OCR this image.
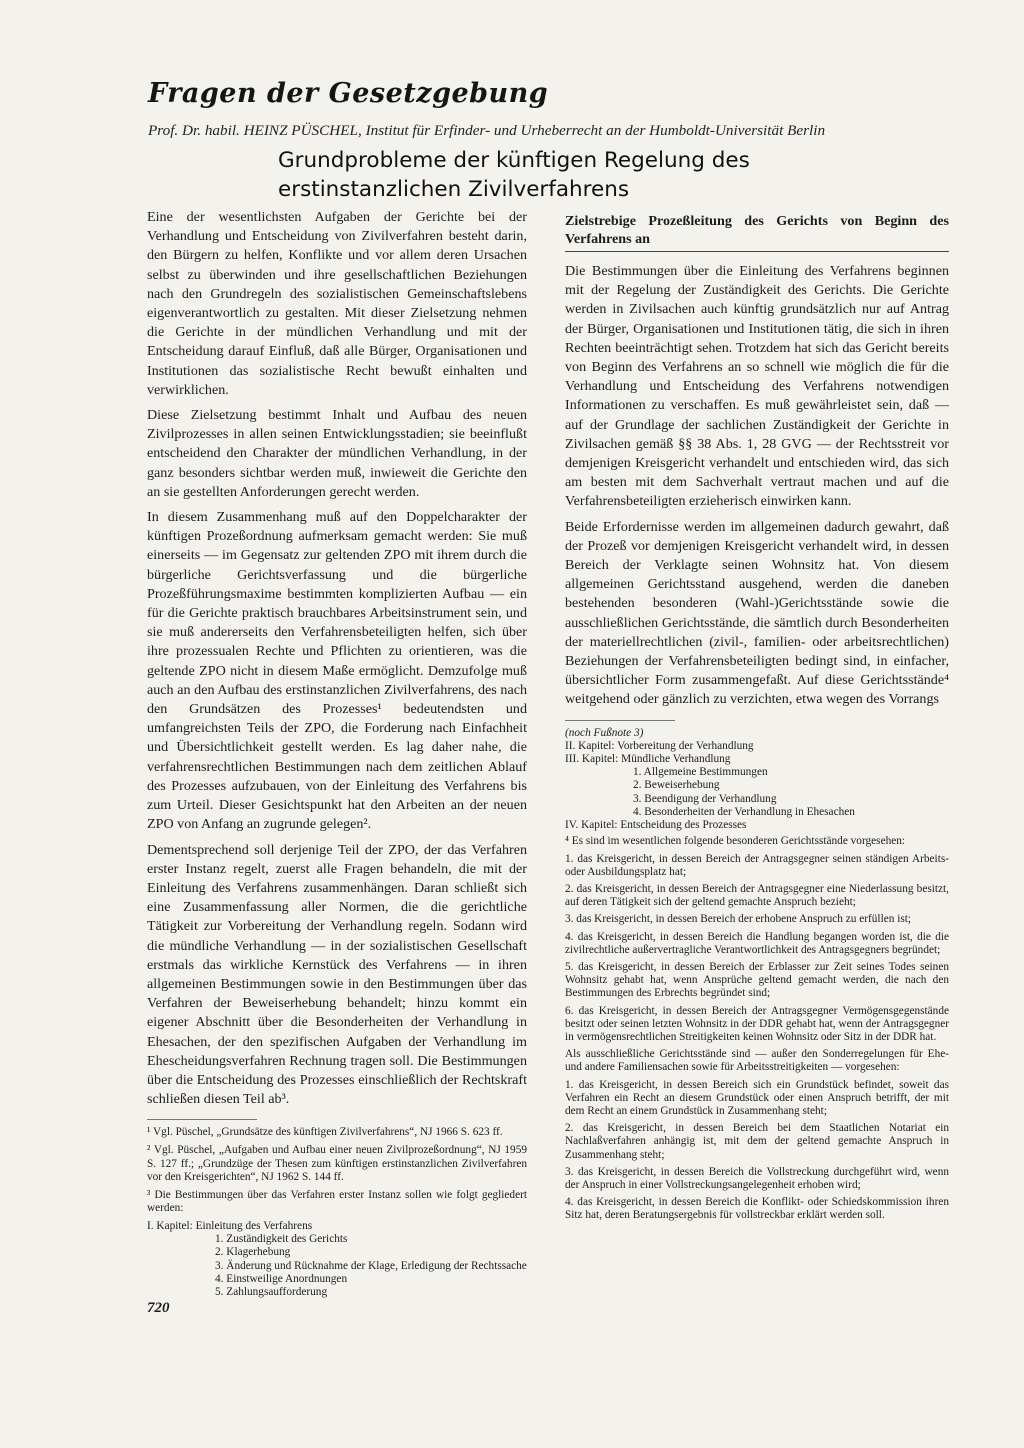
Fragen der Gesetzgebung
Prof. Dr. habil. HEINZ PÜSCHEL, Institut für Erfinder- und Urheberrecht an der Humboldt-Universität Berlin
Grundprobleme der künftigen Regelung des
erstinstanzlichen Zivilverfahrens

Eine der wesentlichsten Aufgaben der Gerichte bei der Verhandlung und Entscheidung von Zivilverfahren besteht darin, den Bürgern zu helfen, Konflikte und vor allem deren Ursachen selbst zu überwinden und ihre gesellschaftlichen Beziehungen nach den Grundregeln des sozialistischen Gemeinschaftslebens eigenverantwortlich zu gestalten. Mit dieser Zielsetzung nehmen die Gerichte in der mündlichen Verhandlung und mit der Entscheidung darauf Einfluß, daß alle Bürger, Organisationen und Institutionen das sozialistische Recht bewußt einhalten und verwirklichen.

Diese Zielsetzung bestimmt Inhalt und Aufbau des neuen Zivilprozesses in allen seinen Entwicklungsstadien; sie beeinflußt entscheidend den Charakter der mündlichen Verhandlung, in der ganz besonders sichtbar werden muß, inwieweit die Gerichte den an sie gestellten Anforderungen gerecht werden.

In diesem Zusammenhang muß auf den Doppelcharakter der künftigen Prozeßordnung aufmerksam gemacht werden: Sie muß einerseits — im Gegensatz zur geltenden ZPO mit ihrem durch die bürgerliche Gerichtsverfassung und die bürgerliche Prozeßführungsmaxime bestimmten komplizierten Aufbau — ein für die Gerichte praktisch brauchbares Arbeitsinstrument sein, und sie muß andererseits den Verfahrensbeteiligten helfen, sich über ihre prozessualen Rechte und Pflichten zu orientieren, was die geltende ZPO nicht in diesem Maße ermöglicht. Demzufolge muß auch an den Aufbau des erstinstanzlichen Zivilverfahrens, des nach den Grundsätzen des Prozesses¹ bedeutendsten und umfangreichsten Teils der ZPO, die Forderung nach Einfachheit und Übersichtlichkeit gestellt werden. Es lag daher nahe, die verfahrensrechtlichen Bestimmungen nach dem zeitlichen Ablauf des Prozesses aufzubauen, von der Einleitung des Verfahrens bis zum Urteil. Dieser Gesichtspunkt hat den Arbeiten an der neuen ZPO von Anfang an zugrunde gelegen².

Dementsprechend soll derjenige Teil der ZPO, der das Verfahren erster Instanz regelt, zuerst alle Fragen behandeln, die mit der Einleitung des Verfahrens zusammenhängen. Daran schließt sich eine Zusammenfassung aller Normen, die die gerichtliche Tätigkeit zur Vorbereitung der Verhandlung regeln. Sodann wird die mündliche Verhandlung — in der sozialistischen Gesellschaft erstmals das wirkliche Kernstück des Verfahrens — in ihren allgemeinen Bestimmungen sowie in den Bestimmungen über das Verfahren der Beweiserhebung behandelt; hinzu kommt ein eigener Abschnitt über die Besonderheiten der Verhandlung in Ehesachen, der den spezifischen Aufgaben der Verhandlung im Ehescheidungsverfahren Rechnung tragen soll. Die Bestimmungen über die Entscheidung des Prozesses einschließlich der Rechtskraft schließen diesen Teil ab³.

¹ Vgl. Püschel, „Grundsätze des künftigen Zivilverfahrens“, NJ 1966 S. 623 ff.

² Vgl. Püschel, „Aufgaben und Aufbau einer neuen Zivilprozeßordnung“, NJ 1959 S. 127 ff.; „Grundzüge der Thesen zum künftigen erstinstanzlichen Zivilverfahren vor den Kreisgerichten“, NJ 1962 S. 144 ff.

³ Die Bestimmungen über das Verfahren erster Instanz sollen wie folgt gegliedert werden:

I. Kapitel: Einleitung des Verfahrens
1. Zuständigkeit des Gerichts
2. Klagerhebung
3. Änderung und Rücknahme der Klage, Erledigung der Rechtssache
4. Einstweilige Anordnungen
5. Zahlungsaufforderung
Zielstrebige Prozeßleitung des Gerichts von Beginn des Verfahrens an

Die Bestimmungen über die Einleitung des Verfahrens beginnen mit der Regelung der Zuständigkeit des Gerichts. Die Gerichte werden in Zivilsachen auch künftig grundsätzlich nur auf Antrag der Bürger, Organisationen und Institutionen tätig, die sich in ihren Rechten beeinträchtigt sehen. Trotzdem hat sich das Gericht bereits von Beginn des Verfahrens an so schnell wie möglich die für die Verhandlung und Entscheidung des Verfahrens notwendigen Informationen zu verschaffen. Es muß gewährleistet sein, daß — auf der Grundlage der sachlichen Zuständigkeit der Gerichte in Zivilsachen gemäß §§ 38 Abs. 1, 28 GVG — der Rechtsstreit vor demjenigen Kreisgericht verhandelt und entschieden wird, das sich am besten mit dem Sachverhalt vertraut machen und auf die Verfahrensbeteiligten erzieherisch einwirken kann.

Beide Erfordernisse werden im allgemeinen dadurch gewahrt, daß der Prozeß vor demjenigen Kreisgericht verhandelt wird, in dessen Bereich der Verklagte seinen Wohnsitz hat. Von diesem allgemeinen Gerichtsstand ausgehend, werden die daneben bestehenden besonderen (Wahl-)Gerichtsstände sowie die ausschließlichen Gerichtsstände, die sämtlich durch Besonderheiten der materiellrechtlichen (zivil-, familien- oder arbeitsrechtlichen) Beziehungen der Verfahrensbeteiligten bedingt sind, in einfacher, übersichtlicher Form zusammengefaßt. Auf diese Gerichtsstände⁴ weitgehend oder gänzlich zu verzichten, etwa wegen des Vorrangs

(noch Fußnote 3)
II. Kapitel: Vorbereitung der Verhandlung
III. Kapitel: Mündliche Verhandlung
1. Allgemeine Bestimmungen
2. Beweiserhebung
3. Beendigung der Verhandlung
4. Besonderheiten der Verhandlung in Ehesachen
IV. Kapitel: Entscheidung des Prozesses

⁴ Es sind im wesentlichen folgende besonderen Gerichtsstände vorgesehen:

1. das Kreisgericht, in dessen Bereich der Antragsgegner seinen ständigen Arbeits- oder Ausbildungsplatz hat;

2. das Kreisgericht, in dessen Bereich der Antragsgegner eine Niederlassung besitzt, auf deren Tätigkeit sich der geltend gemachte Anspruch bezieht;

3. das Kreisgericht, in dessen Bereich der erhobene Anspruch zu erfüllen ist;

4. das Kreisgericht, in dessen Bereich die Handlung begangen worden ist, die die zivilrechtliche außervertragliche Verantwortlichkeit des Antragsgegners begründet;

5. das Kreisgericht, in dessen Bereich der Erblasser zur Zeit seines Todes seinen Wohnsitz gehabt hat, wenn Ansprüche geltend gemacht werden, die nach den Bestimmungen des Erbrechts begründet sind;

6. das Kreisgericht, in dessen Bereich der Antragsgegner Vermögensgegenstände besitzt oder seinen letzten Wohnsitz in der DDR gehabt hat, wenn der Antragsgegner in vermögensrechtlichen Streitigkeiten keinen Wohnsitz oder Sitz in der DDR hat.

Als ausschließliche Gerichtsstände sind — außer den Sonderregelungen für Ehe- und andere Familiensachen sowie für Arbeitsstreitigkeiten — vorgesehen:

1. das Kreisgericht, in dessen Bereich sich ein Grundstück befindet, soweit das Verfahren ein Recht an diesem Grundstück oder einen Anspruch betrifft, der mit dem Recht an einem Grundstück in Zusammenhang steht;

2. das Kreisgericht, in dessen Bereich bei dem Staatlichen Notariat ein Nachlaßverfahren anhängig ist, mit dem der geltend gemachte Anspruch in Zusammenhang steht;

3. das Kreisgericht, in dessen Bereich die Vollstreckung durchgeführt wird, wenn der Anspruch in einer Vollstreckungsangelegenheit erhoben wird;

4. das Kreisgericht, in dessen Bereich die Konflikt- oder Schiedskommission ihren Sitz hat, deren Beratungsergebnis für vollstreckbar erklärt werden soll.

720
